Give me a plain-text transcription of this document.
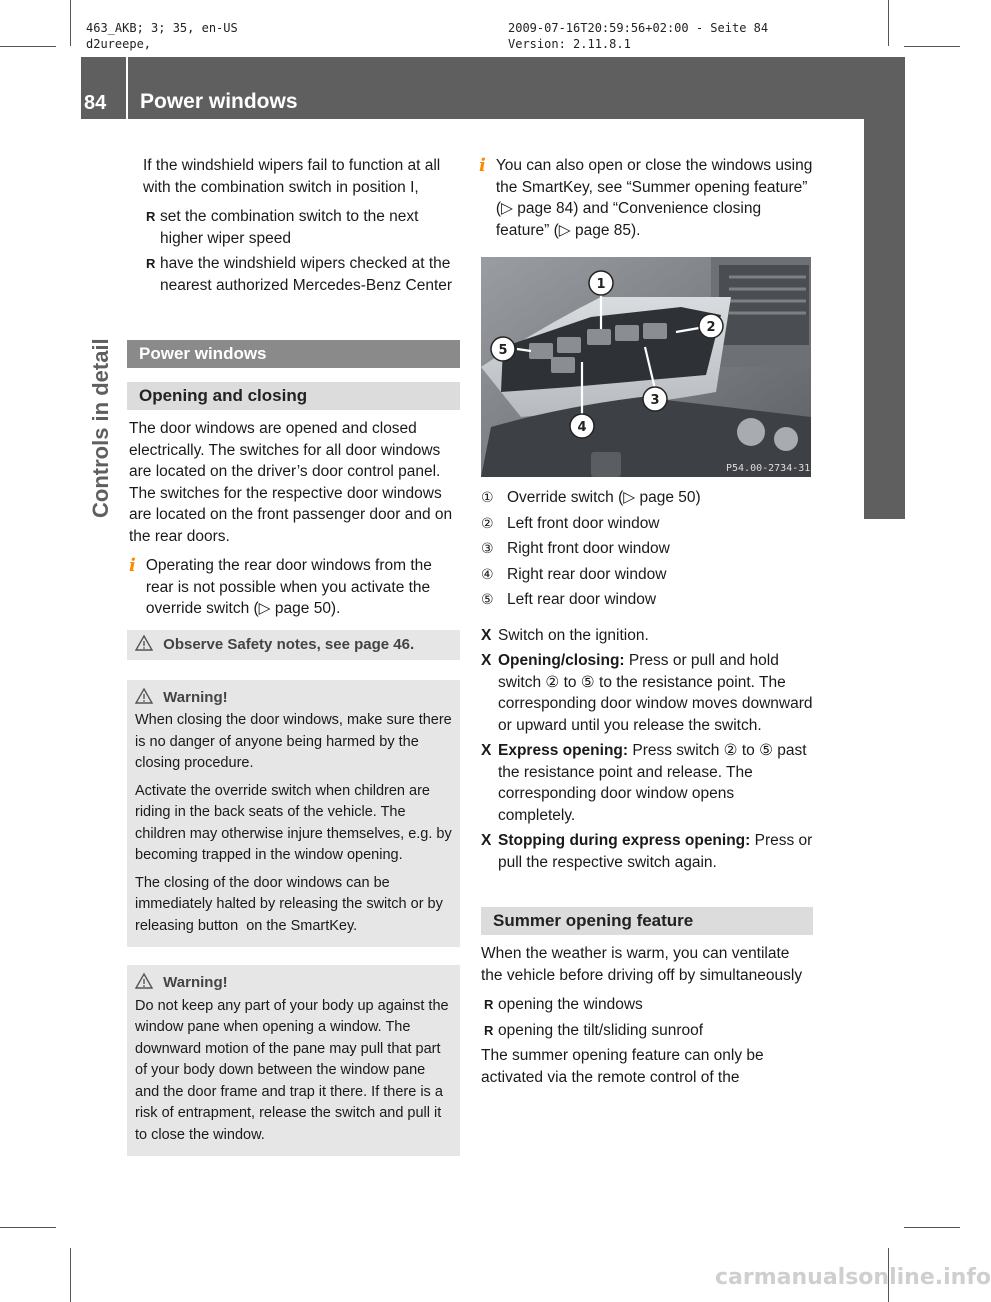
463_AKB; 3; 35, en-US
d2ureepe,
2009-07-16T20:59:56+02:00 - Seite 84
Version: 2.11.8.1
84	Power windows
Controls in detail

If the windshield wipers fail to function at all with the combination switch in position I,

R set the combination switch to the next higher wiper speed

R have the windshield wipers checked at the nearest authorized Mercedes-Benz Center

Power windows
Opening and closing

The door windows are opened and closed electrically. The switches for all door windows are located on the driver’s door control panel. The switches for the respective door windows are located on the front passenger door and on the rear doors.

i Operating the rear door windows from the rear is not possible when you activate the override switch (▷ page 50).

Observe Safety notes, see page 46.
Warning!

When closing the door windows, make sure there is no danger of anyone being harmed by the closing procedure.

Activate the override switch when children are riding in the back seats of the vehicle. The children may otherwise injure themselves, e.g. by becoming trapped in the window opening.

The closing of the door windows can be immediately halted by releasing the switch or by releasing button  on the SmartKey.

Warning!

Do not keep any part of your body up against the window pane when opening a window. The downward motion of the pane may pull that part of your body down between the window pane and the door frame and trap it there. If there is a risk of entrapment, release the switch and pull it to close the window.

i You can also open or close the windows using the SmartKey, see “Summer opening feature” (▷ page 84) and “Convenience closing feature” (▷ page 85).

1
2
3
4
5
P54.00-2734-31
① Override switch (▷ page 50)
② Left front door window
③ Right front door window
④ Right rear door window
⑤ Left rear door window

X Switch on the ignition.

X Opening/closing: Press or pull and hold switch ② to ⑤ to the resistance point. The corresponding door window moves downward or upward until you release the switch.

X Express opening: Press switch ② to ⑤ past the resistance point and release. The corresponding door window opens completely.

X Stopping during express opening: Press or pull the respective switch again.

Summer opening feature

When the weather is warm, you can ventilate the vehicle before driving off by simultaneously

R opening the windows

R opening the tilt/sliding sunroof

The summer opening feature can only be activated via the remote control of the

carmanualsonline.info
